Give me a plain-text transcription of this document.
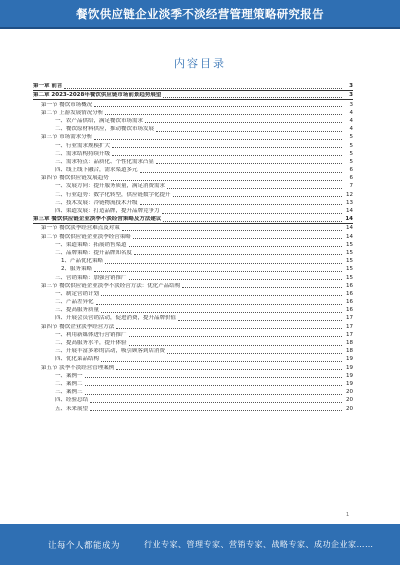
餐饮供应链企业淡季不淡经营管理策略研究报告
内容目录
第一章 前言	3
第二章 2023-2028年餐饮供应链市场前景趋势展望	3
第一节 餐饮市场概况	3
第二节 上游发展情况分析	4
一、农产品供给，满足餐饮市场需求	4
二、餐饮原材料供应，推动餐饮市场发展	4
第三节 市场需求分析	5
一、行业需求规模扩大	5
二、需求结构持续升级	5
三、需求特点：品质化、个性化需求凸显	5
四、线上线下融合，需求渠道多元	6
第四节 餐饮供应链发展趋势	6
一、发展方向：提升服务质量，满足消费需求	7
二、行业趋势：数字化转型，供应链数字化提升	12
三、技术发展：冷链物流技术升级	13
四、渠道发展：打造品牌，提升品牌竞争力	14
第三章 餐饮供应链企业淡季不淡经营策略及方法建议	14
第一节 餐饮淡季经营难点及对策	14
第二节 餐饮供应链企业淡季经营策略	14
一、渠道策略：拓展销售渠道	15
二、品牌策略：提升品牌知名度	15
1、产品优化策略	15
2、服务策略	15
三、营销策略：加强营销推广	15
第三节 餐饮供应链企业淡季不淡经营方法：优化产品结构	16
一、制定营销计划	16
二、产品差异化	16
三、提高服务质量	16
四、开展会员营销活动，促进消费，提升品牌价值	17
第四节 餐饮企业淡季经营方法	17
一、利用新媒体进行营销推广	17
二、提高服务水平，提升体验	18
三、开展丰富多彩的活动，吸引顾客到店消费	18
四、优化菜品结构	19
第五节 淡季不淡经营管理案例	19
一、案例一	19
二、案例二	19
三、案例三	20
四、经验总结	20
五、未来展望	20
1
让每个人都能成为	行业专家、管理专家、营销专家、战略专家、成功企业家……
